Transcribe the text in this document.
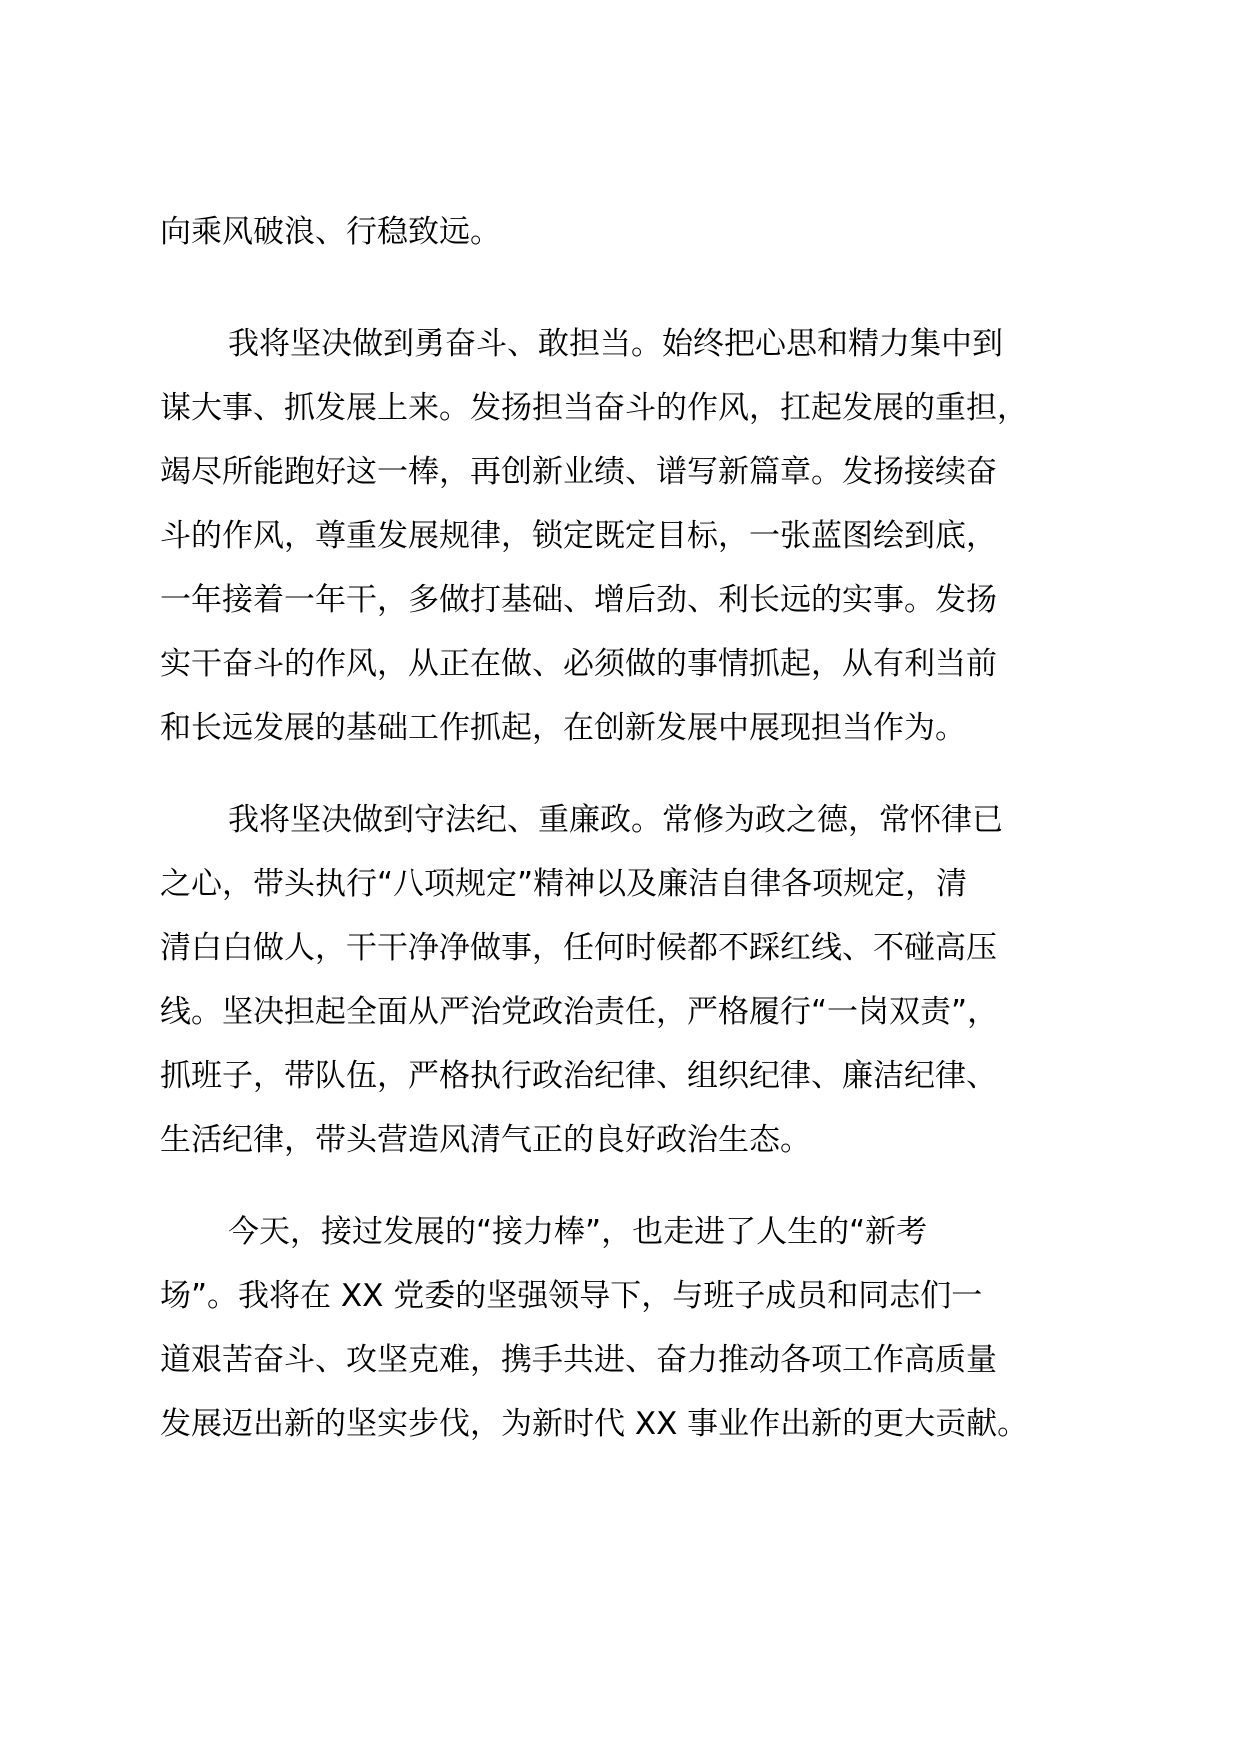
向乘风破浪、行稳致远。
我将坚决做到勇奋斗、敢担当。始终把心思和精力集中到
谋大事、抓发展上来。发扬担当奋斗的作风，扛起发展的重担，
竭尽所能跑好这一棒，再创新业绩、谱写新篇章。发扬接续奋
斗的作风，尊重发展规律，锁定既定目标，一张蓝图绘到底，
一年接着一年干，多做打基础、增后劲、利长远的实事。发扬
实干奋斗的作风，从正在做、必须做的事情抓起，从有利当前
和长远发展的基础工作抓起，在创新发展中展现担当作为。
我将坚决做到守法纪、重廉政。常修为政之德，常怀律已
之心，带头执行“八项规定”精神以及廉洁自律各项规定，清
清白白做人，干干净净做事，任何时候都不踩红线、不碰高压
线。坚决担起全面从严治党政治责任，严格履行“一岗双责”，
抓班子，带队伍，严格执行政治纪律、组织纪律、廉洁纪律、
生活纪律，带头营造风清气正的良好政治生态。
今天，接过发展的“接力棒”，也走进了人生的“新考
场”。我将在 XX 党委的坚强领导下，与班子成员和同志们一
道艰苦奋斗、攻坚克难，携手共进、奋力推动各项工作高质量
发展迈出新的坚实步伐，为新时代 XX 事业作出新的更大贡献。
